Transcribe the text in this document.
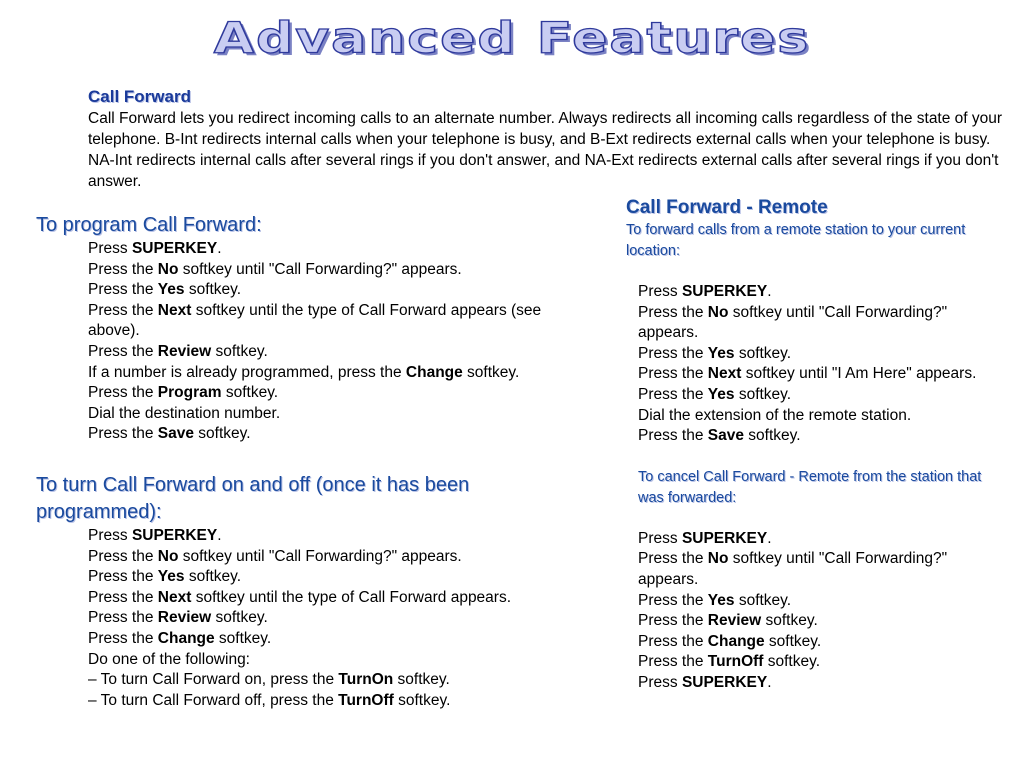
Advanced Features
Call Forward
Call Forward lets you redirect incoming calls to an alternate number. Always redirects all incoming calls regardless of the state of your telephone. B-Int redirects internal calls when your telephone is busy, and B-Ext redirects external calls when your telephone is busy. NA-Int redirects internal calls after several rings if you don't answer, and NA-Ext redirects external calls after several rings if you don't answer.
To program Call Forward:
Press SUPERKEY.
Press the No softkey until "Call Forwarding?" appears.
Press the Yes softkey.
Press the Next softkey until the type of Call Forward appears (see above).
Press the Review softkey.
If a number is already programmed, press the Change softkey.
Press the Program softkey.
Dial the destination number.
Press the Save softkey.
To turn Call Forward on and off (once it has been programmed):
Press SUPERKEY.
Press the No softkey until "Call Forwarding?" appears.
Press the Yes softkey.
Press the Next softkey until the type of Call Forward appears.
Press the Review softkey.
Press the Change softkey.
Do one of the following:
– To turn Call Forward on, press the TurnOn softkey.
– To turn Call Forward off, press the TurnOff softkey.
Call Forward - Remote
To forward calls from a remote station to your current location:
Press SUPERKEY.
Press the No softkey until "Call Forwarding?" appears.
Press the Yes softkey.
Press the Next softkey until "I Am Here" appears.
Press the Yes softkey.
Dial the extension of the remote station.
Press the Save softkey.
To cancel Call Forward - Remote from the station that was forwarded:
Press SUPERKEY.
Press the No softkey until "Call Forwarding?" appears.
Press the Yes softkey.
Press the Review softkey.
Press the Change softkey.
Press the TurnOff softkey.
Press SUPERKEY.
